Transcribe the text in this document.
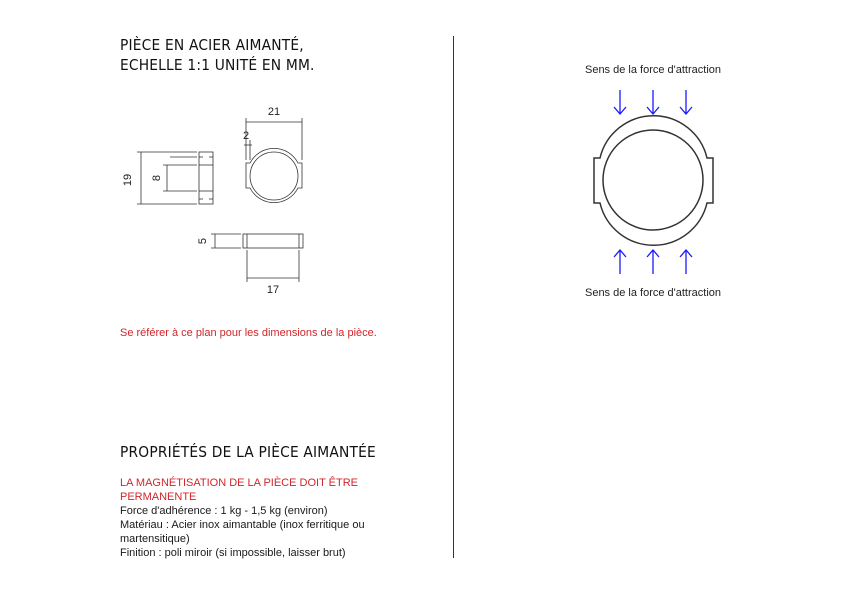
PIÈCE EN ACIER AIMANTÉ,
ECHELLE 1:1 UNITÉ EN MM.
19 8
21
2
5
17
Se référer à ce plan pour les dimensions de la pièce.
PROPRIÉTÉS DE LA PIÈCE AIMANTÉE
LA MAGNÉTISATION DE LA PIÈCE DOIT ÊTRE PERMANENTE
Force d'adhérence : 1 kg - 1,5 kg (environ)
Matériau : Acier inox aimantable (inox ferritique ou martensitique)
Finition : poli miroir (si impossible, laisser brut)
Sens de la force d'attraction
Sens de la force d'attraction
